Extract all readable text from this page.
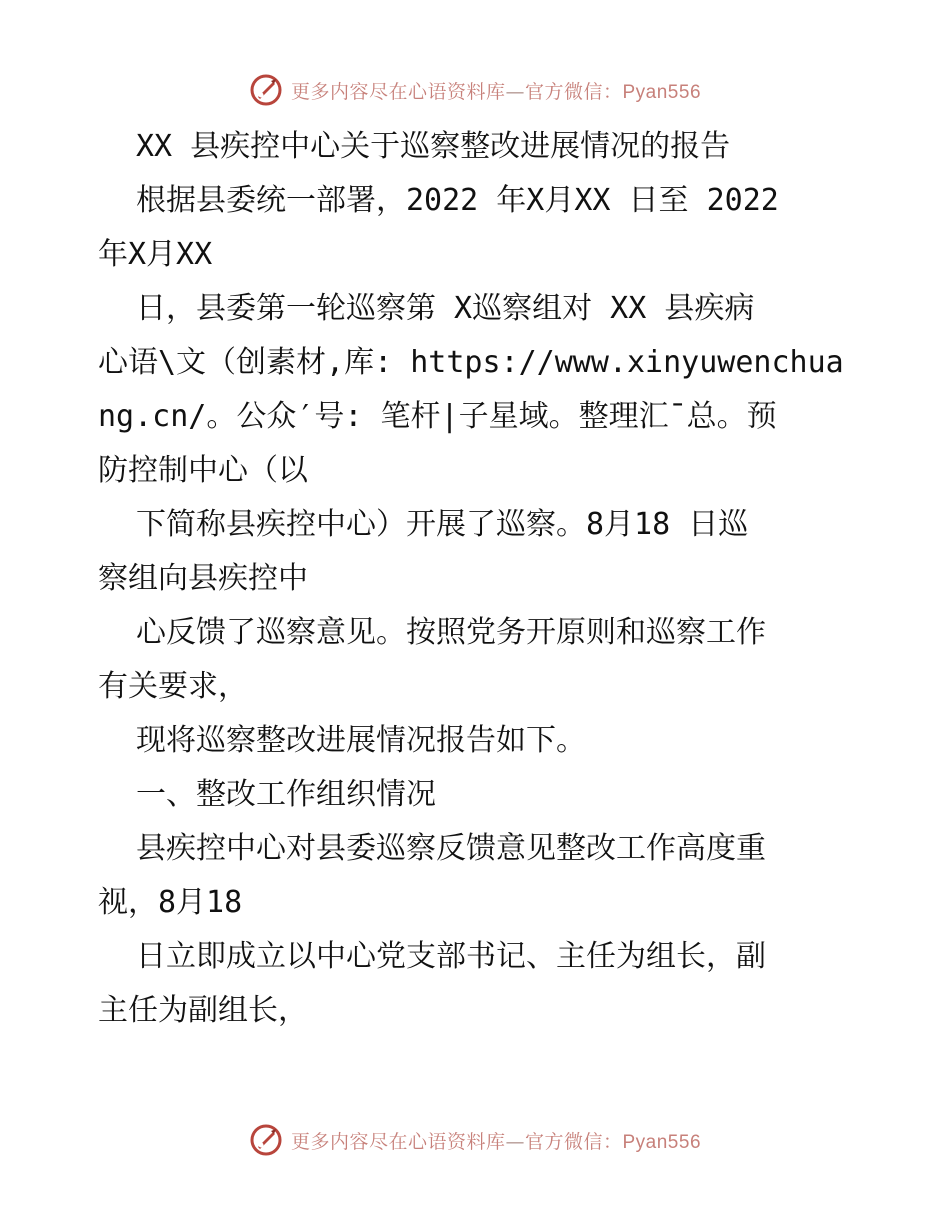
更多内容尽在心语资料库—官方微信：Pyan556
XX 县疾控中心关于巡察整改进展情况的报告
根据县委统一部署，2022 年X月XX 日至 2022
年X月XX
日，县委第一轮巡察第 X巡察组对 XX 县疾病
心语\文（创素材,库: https://www.xinyuwenchua
ng.cn/。公众′号: 笔杆|子星域。整理汇¯总。预
防控制中心（以
下简称县疾控中心）开展了巡察。8月18 日巡
察组向县疾控中
心反馈了巡察意见。按照党务开原则和巡察工作
有关要求，
现将巡察整改进展情况报告如下。
一、整改工作组织情况
县疾控中心对县委巡察反馈意见整改工作高度重
视，8月18
日立即成立以中心党支部书记、主任为组长，副
主任为副组长，
更多内容尽在心语资料库—官方微信：Pyan556
